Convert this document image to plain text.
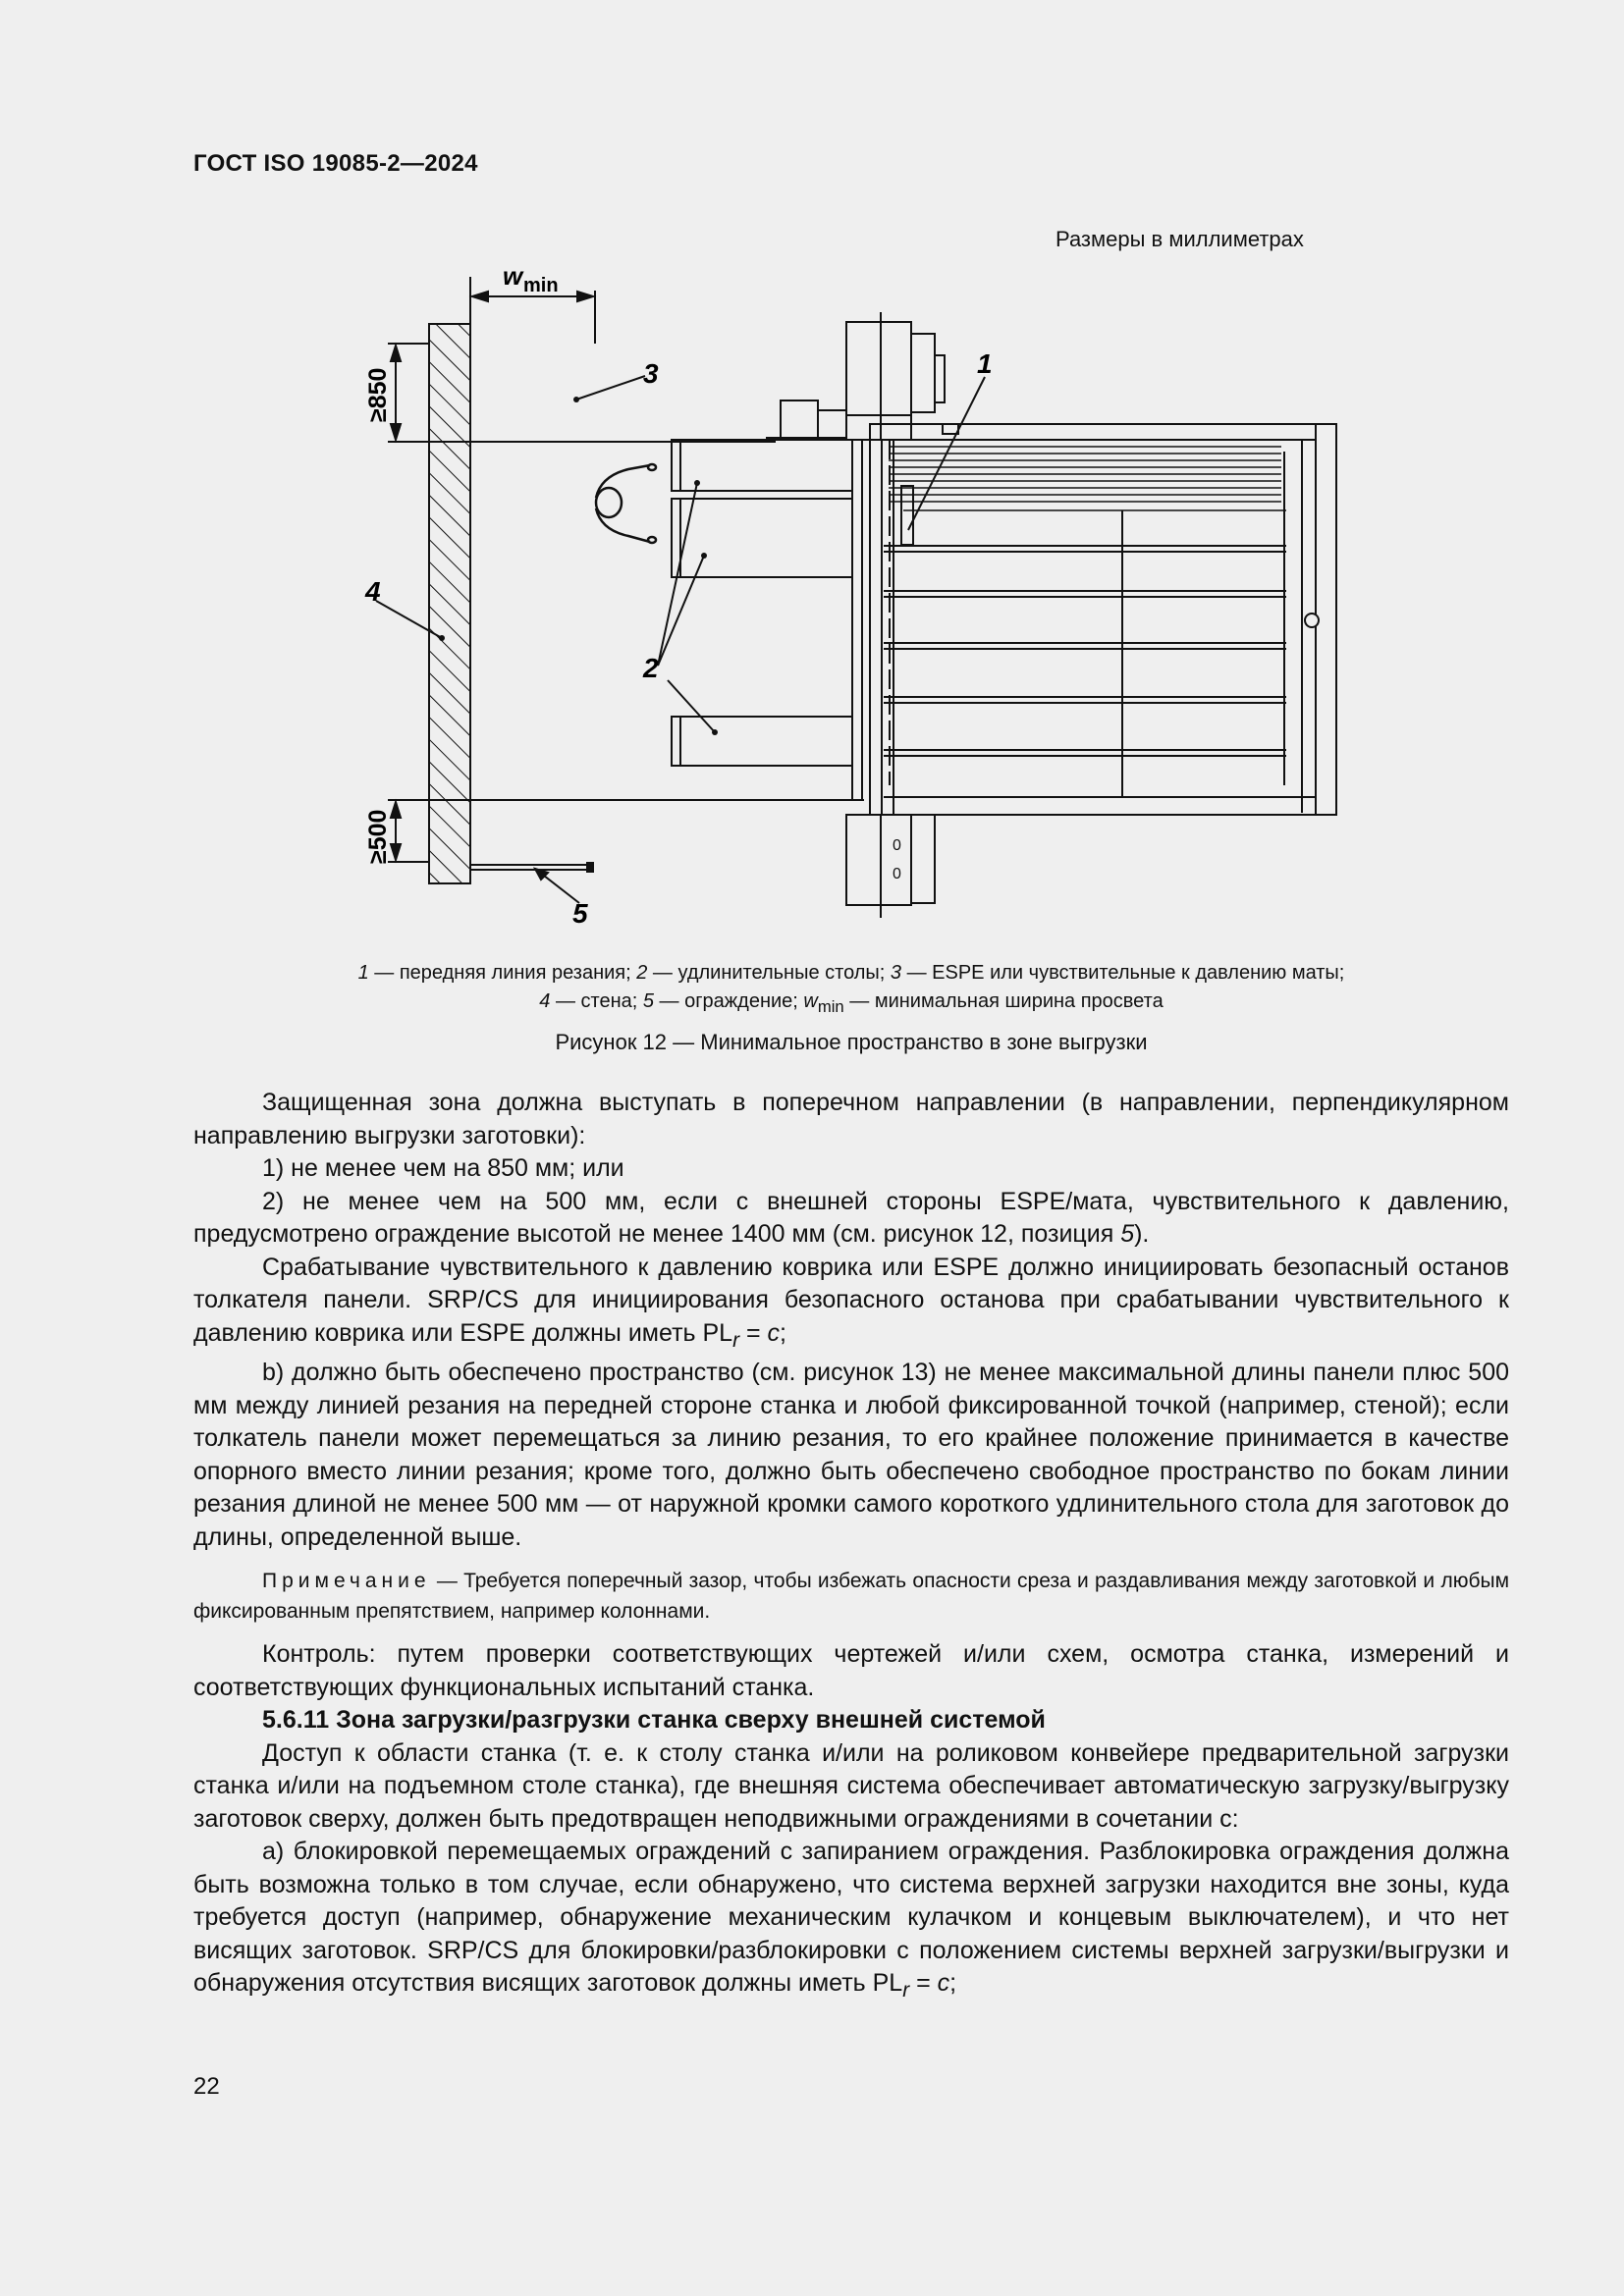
ГОСТ ISO 19085-2—2024
Размеры в миллиметрах
w min
≥850
≥500	0
0
1
3
4
2
5
1 — передняя линия резания; 2 — удлинительные столы; 3 — ESPE или чувствительные к давлению маты;
4 — стена; 5 — ограждение; $w_{min}$ — минимальная ширина просвета
Рисунок 12 — Минимальное пространство в зоне выгрузки

Защищенная зона должна выступать в поперечном направлении (в направлении, перпендикулярном направлению выгрузки заготовки):

1) не менее чем на 850 мм; или

2) не менее чем на 500 мм, если с внешней стороны ESPE/мата, чувствительного к давлению, предусмотрено ограждение высотой не менее 1400 мм (см. рисунок 12, позиция 5).

Срабатывание чувствительного к давлению коврика или ESPE должно инициировать безопасный останов толкателя панели. SRP/CS для инициирования безопасного останова при срабатывании чувствительного к давлению коврика или ESPE должны иметь $PL_r = c$;

b) должно быть обеспечено пространство (см. рисунок 13) не менее максимальной длины панели плюс 500 мм между линией резания на передней стороне станка и любой фиксированной точкой (например, стеной); если толкатель панели может перемещаться за линию резания, то его крайнее положение принимается в качестве опорного вместо линии резания; кроме того, должно быть обеспечено свободное пространство по бокам линии резания длиной не менее 500 мм — от наружной кромки самого короткого удлинительного стола для заготовок до длины, определенной выше.

Примечание — Требуется поперечный зазор, чтобы избежать опасности среза и раздавливания между заготовкой и любым фиксированным препятствием, например колоннами.

Контроль: путем проверки соответствующих чертежей и/или схем, осмотра станка, измерений и соответствующих функциональных испытаний станка.

5.6.11 Зона загрузки/разгрузки станка сверху внешней системой

Доступ к области станка (т. е. к столу станка и/или на роликовом конвейере предварительной загрузки станка и/или на подъемном столе станка), где внешняя система обеспечивает автоматическую загрузку/выгрузку заготовок сверху, должен быть предотвращен неподвижными ограждениями в сочетании с:

а) блокировкой перемещаемых ограждений с запиранием ограждения. Разблокировка ограждения должна быть возможна только в том случае, если обнаружено, что система верхней загрузки находится вне зоны, куда требуется доступ (например, обнаружение механическим кулачком и концевым выключателем), и что нет висящих заготовок. SRP/CS для блокировки/разблокировки с положением системы верхней загрузки/выгрузки и обнаружения отсутствия висящих заготовок должны иметь $PL_r = c$;

22
